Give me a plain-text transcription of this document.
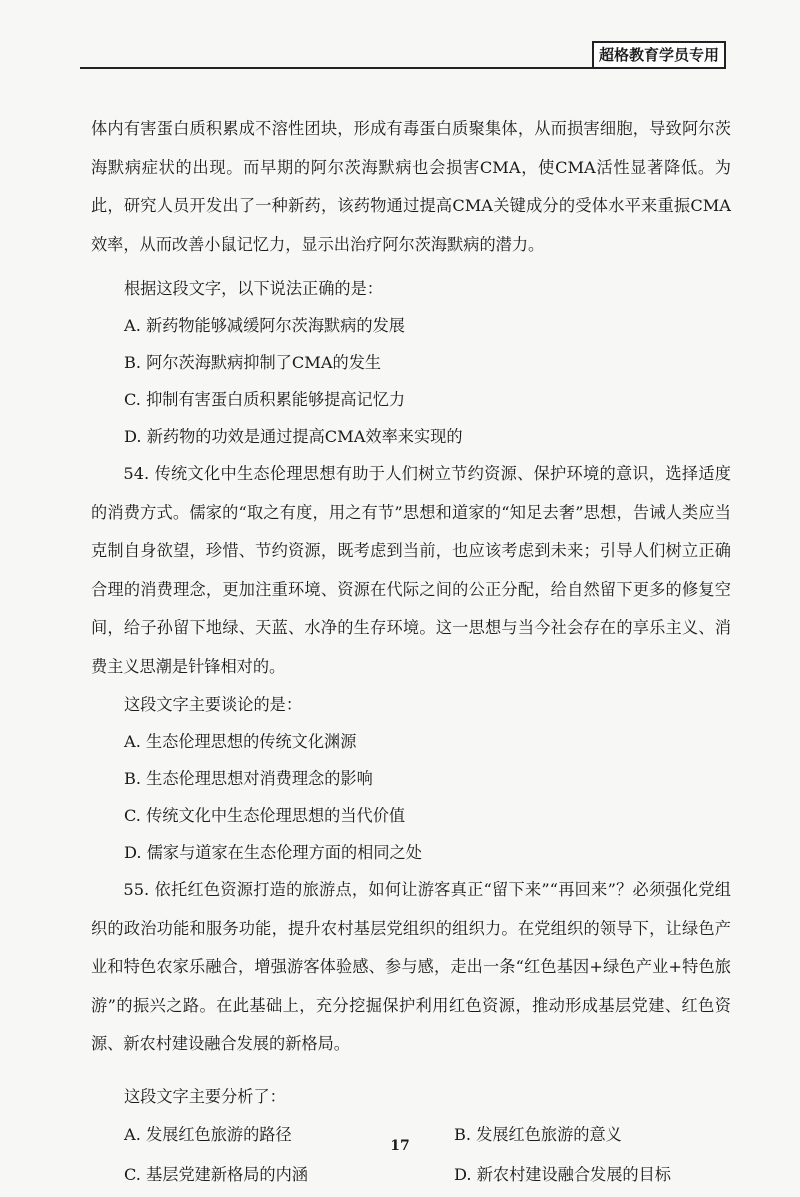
超格教育学员专用

体内有害蛋白质积累成不溶性团块，形成有毒蛋白质聚集体，从而损害细胞，导致阿尔茨海默病症状的出现。而早期的阿尔茨海默病也会损害CMA，使CMA活性显著降低。为此，研究人员开发出了一种新药，该药物通过提高CMA关键成分的受体水平来重振CMA效率，从而改善小鼠记忆力，显示出治疗阿尔茨海默病的潜力。

根据这段文字，以下说法正确的是：

A. 新药物能够减缓阿尔茨海默病的发展

B. 阿尔茨海默病抑制了CMA的发生

C. 抑制有害蛋白质积累能够提高记忆力

D. 新药物的功效是通过提高CMA效率来实现的

54. 传统文化中生态伦理思想有助于人们树立节约资源、保护环境的意识，选择适度的消费方式。儒家的“取之有度，用之有节”思想和道家的“知足去奢”思想，告诫人类应当克制自身欲望，珍惜、节约资源，既考虑到当前，也应该考虑到未来；引导人们树立正确合理的消费理念，更加注重环境、资源在代际之间的公正分配，给自然留下更多的修复空间，给子孙留下地绿、天蓝、水净的生存环境。这一思想与当今社会存在的享乐主义、消费主义思潮是针锋相对的。

这段文字主要谈论的是：

A. 生态伦理思想的传统文化渊源

B. 生态伦理思想对消费理念的影响

C. 传统文化中生态伦理思想的当代价值

D. 儒家与道家在生态伦理方面的相同之处

55. 依托红色资源打造的旅游点，如何让游客真正“留下来”“再回来”？必须强化党组织的政治功能和服务功能，提升农村基层党组织的组织力。在党组织的领导下，让绿色产业和特色农家乐融合，增强游客体验感、参与感，走出一条“红色基因+绿色产业+特色旅游”的振兴之路。在此基础上，充分挖掘保护利用红色资源，推动形成基层党建、红色资源、新农村建设融合发展的新格局。

这段文字主要分析了：

A. 发展红色旅游的路径	B. 发展红色旅游的意义
C. 基层党建新格局的内涵	D. 新农村建设融合发展的目标
17
